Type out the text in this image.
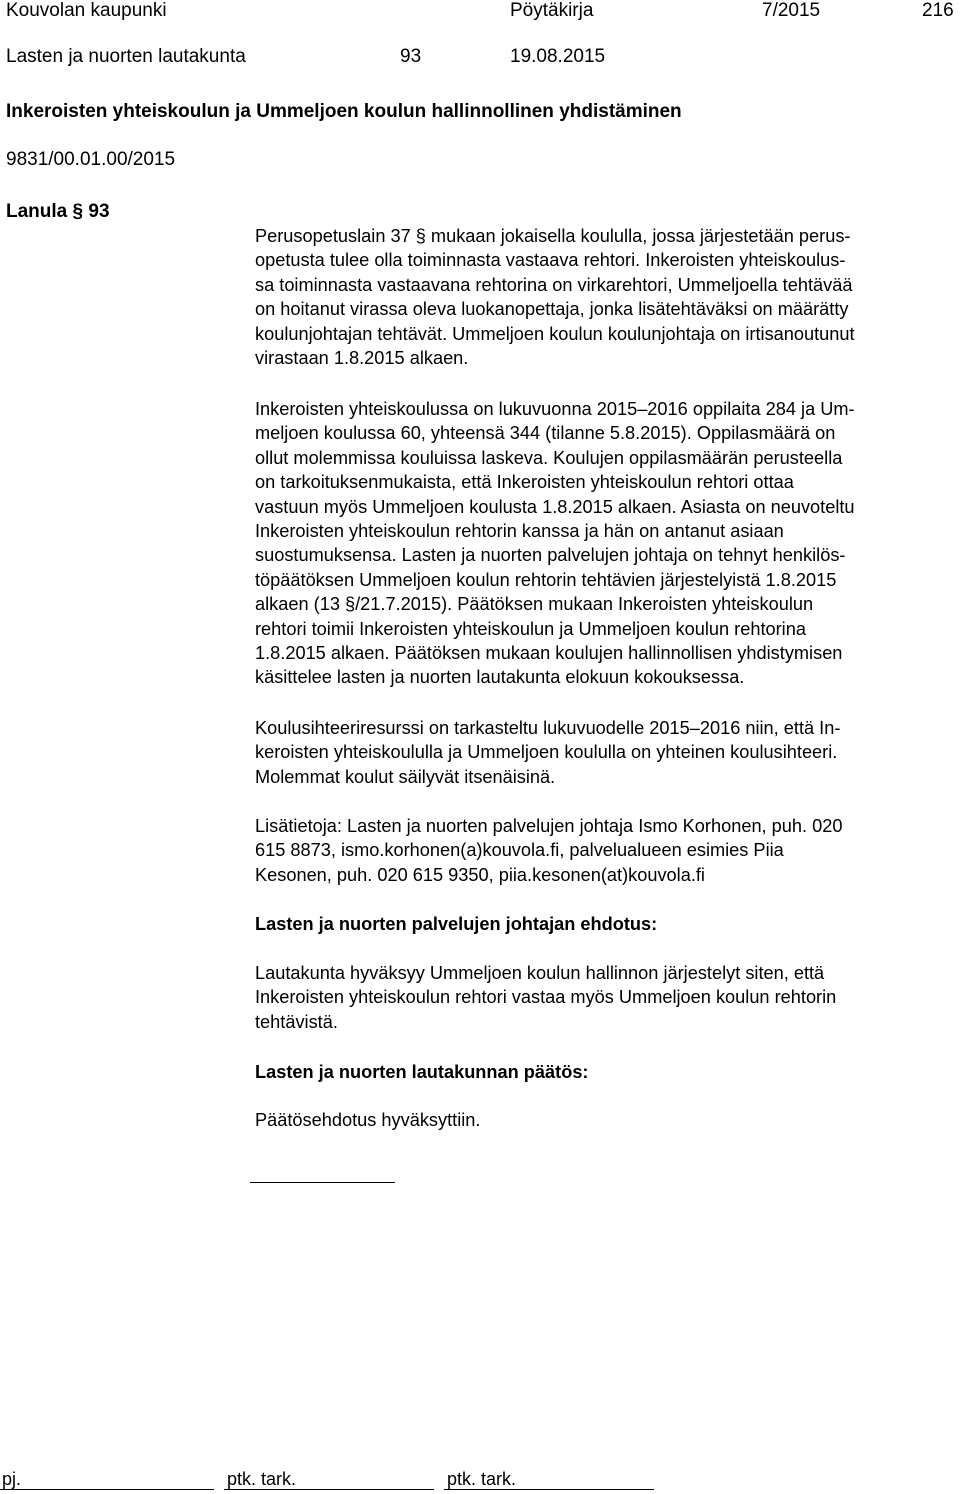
Kouvolan kaupunki	Pöytäkirja	7/2015	216
Lasten ja nuorten lautakunta	93	19.08.2015
Inkeroisten yhteiskoulun ja Ummeljoen koulun hallinnollinen yhdistäminen
9831/00.01.00/2015
Lanula § 93

Perusopetuslain 37 § mukaan jokaisella koululla, jossa järjestetään perus-

opetusta tulee olla toiminnasta vastaava rehtori. Inkeroisten yhteiskoulus-

sa toiminnasta vastaavana rehtorina on virkarehtori, Ummeljoella tehtävää

on hoitanut virassa oleva luokanopettaja, jonka lisätehtäväksi on määrätty

koulunjohtajan tehtävät. Ummeljoen koulun koulunjohtaja on irtisanoutunut

virastaan 1.8.2015 alkaen.

Inkeroisten yhteiskoulussa on lukuvuonna 2015–2016 oppilaita 284 ja Um-

meljoen koulussa 60, yhteensä 344 (tilanne 5.8.2015). Oppilasmäärä on

ollut molemmissa kouluissa laskeva. Koulujen oppilasmäärän perusteella

on tarkoituksenmukaista, että Inkeroisten yhteiskoulun rehtori ottaa

vastuun myös Ummeljoen koulusta 1.8.2015 alkaen. Asiasta on neuvoteltu

Inkeroisten yhteiskoulun rehtorin kanssa ja hän on antanut asiaan

suostumuksensa. Lasten ja nuorten palvelujen johtaja on tehnyt henkilös-

töpäätöksen Ummeljoen koulun rehtorin tehtävien järjestelyistä 1.8.2015

alkaen (13 §/21.7.2015). Päätöksen mukaan Inkeroisten yhteiskoulun

rehtori toimii Inkeroisten yhteiskoulun ja Ummeljoen koulun rehtorina

1.8.2015 alkaen. Päätöksen mukaan koulujen hallinnollisen yhdistymisen

käsittelee lasten ja nuorten lautakunta elokuun kokouksessa.

Koulusihteeriresurssi on tarkasteltu lukuvuodelle 2015–2016 niin, että In-

keroisten yhteiskoululla ja Ummeljoen koululla on yhteinen koulusihteeri.

Molemmat koulut säilyvät itsenäisinä.

Lisätietoja: Lasten ja nuorten palvelujen johtaja Ismo Korhonen, puh. 020

615 8873, ismo.korhonen(a)kouvola.fi, palvelualueen esimies Piia

Kesonen, puh. 020 615 9350, piia.kesonen(at)kouvola.fi

Lasten ja nuorten palvelujen johtajan ehdotus:

Lautakunta hyväksyy Ummeljoen koulun hallinnon järjestelyt siten, että

Inkeroisten yhteiskoulun rehtori vastaa myös Ummeljoen koulun rehtorin

tehtävistä.

Lasten ja nuorten lautakunnan päätös:

Päätösehdotus hyväksyttiin.

pj.	ptk. tark.	ptk. tark.
